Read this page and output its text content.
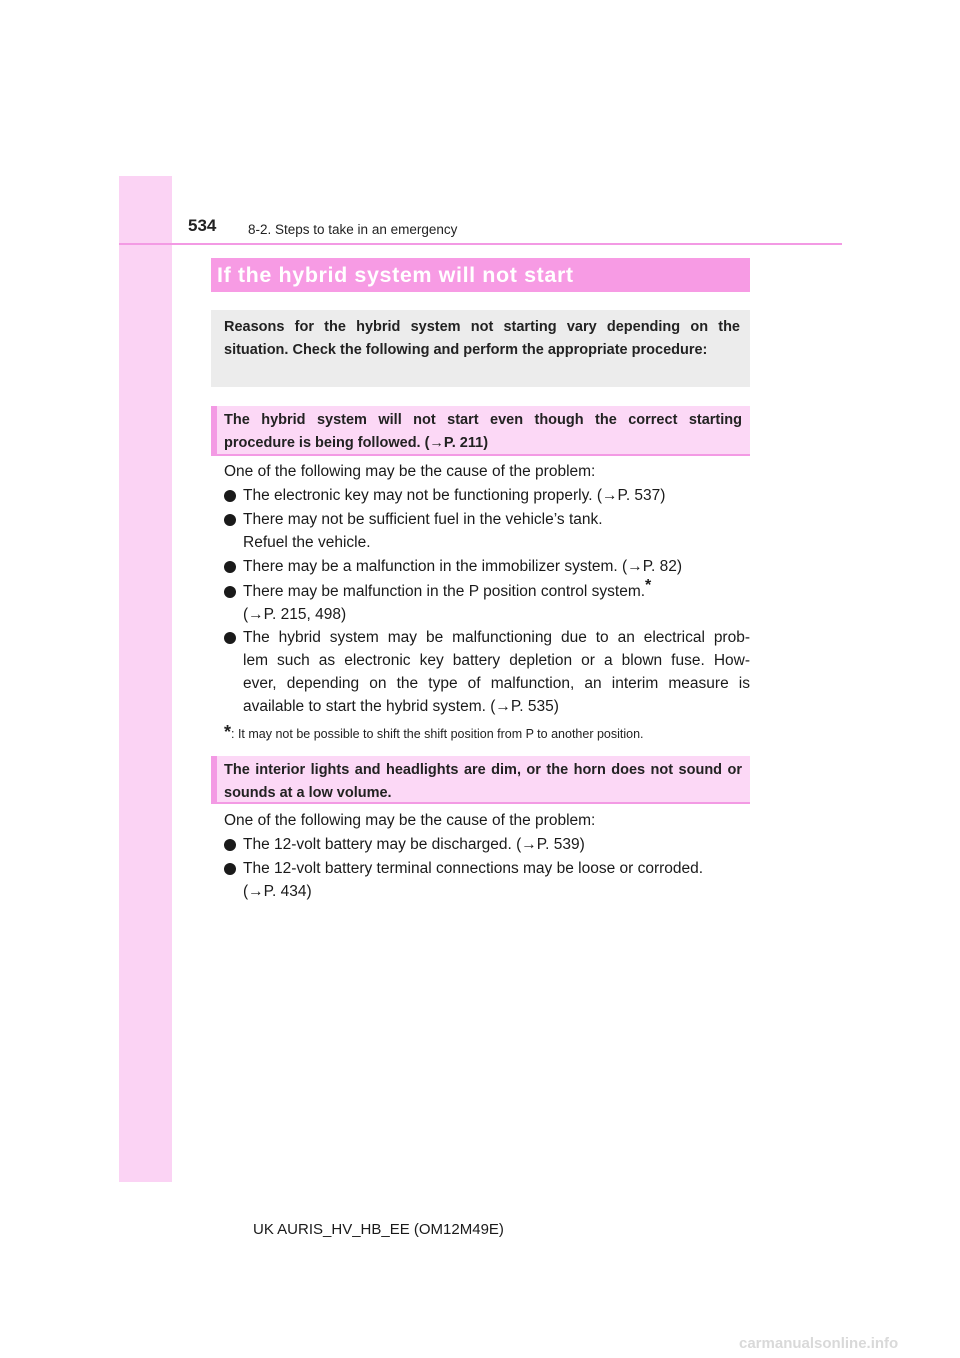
534 8-2. Steps to take in an emergency
If the hybrid system will not start
Reasons for the hybrid system not starting vary depending on the situation. Check the following and perform the appropriate procedure:
The hybrid system will not start even though the correct starting procedure is being followed. (→P. 211)
One of the following may be the cause of the problem:
The electronic key may not be functioning properly. (→P. 537)
There may not be sufficient fuel in the vehicle’s tank.
Refuel the vehicle.
There may be a malfunction in the immobilizer system. (→P. 82)
There may be malfunction in the P position control system.*
(→P. 215, 498)
The hybrid system may be malfunctioning due to an electrical prob-
lem such as electronic key battery depletion or a blown fuse. How-
ever, depending on the type of malfunction, an interim measure is
available to start the hybrid system. (→P. 535)
*: It may not be possible to shift the shift position from P to another position.
The interior lights and headlights are dim, or the horn does not sound or sounds at a low volume.
One of the following may be the cause of the problem:
The 12-volt battery may be discharged. (→P. 539)
The 12-volt battery terminal connections may be loose or corroded.
(→P. 434)
UK AURIS_HV_HB_EE (OM12M49E)
carmanualsonline.info
